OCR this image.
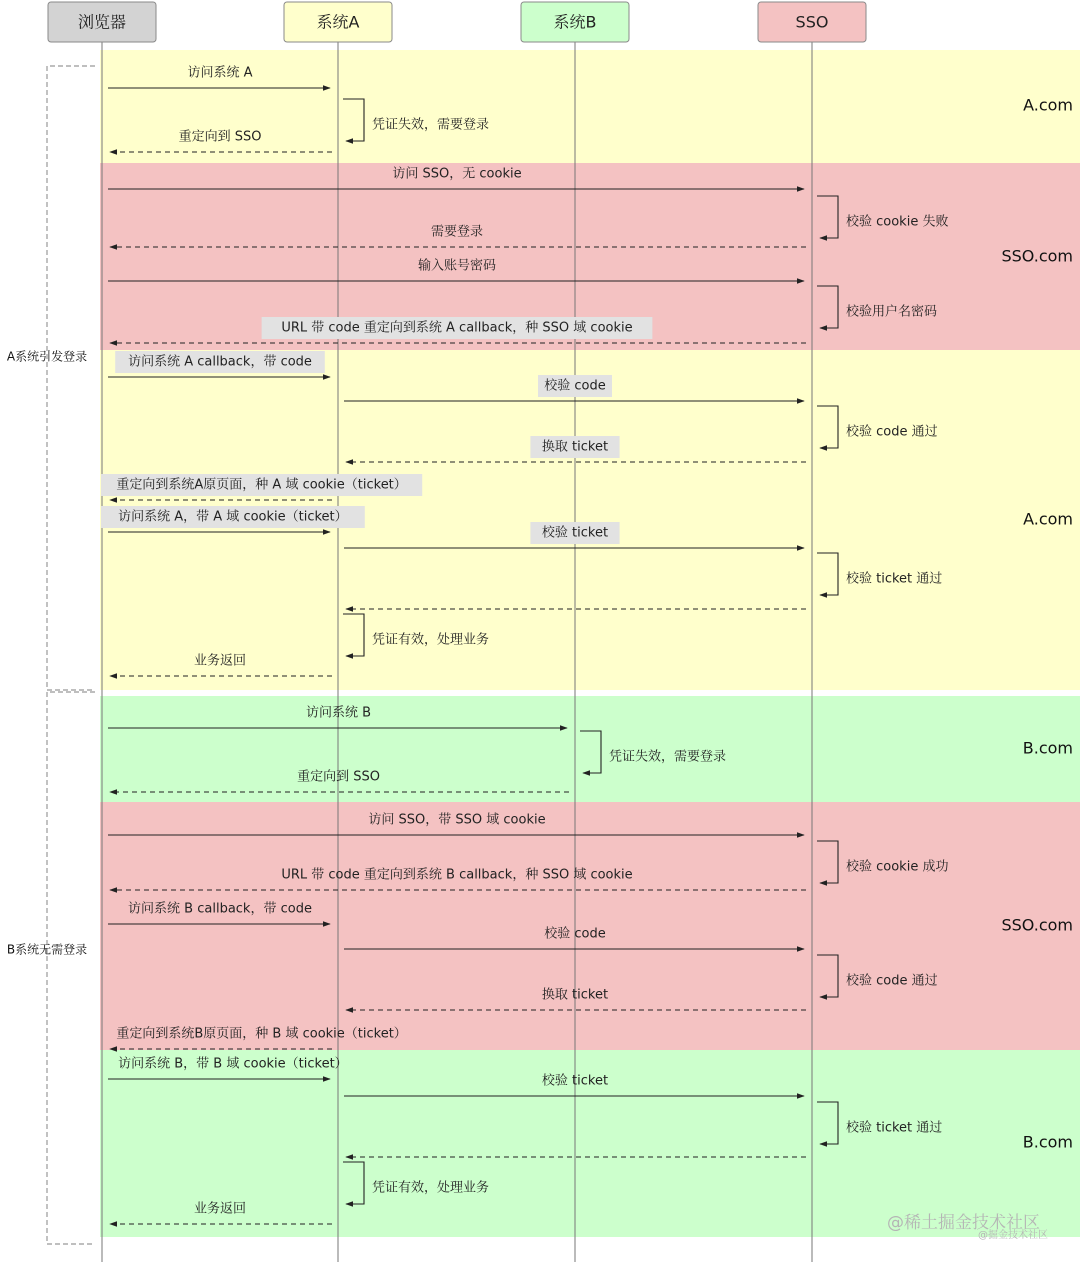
A系统引发登录
B系统无需登录
浏览器	系统A	系统B	SSO
访问系统 A
凭证失效，需要登录
重定向到 SSO
访问 SSO，无 cookie
校验 cookie 失败
需要登录
输入账号密码
校验用户名密码
URL 带 code 重定向到系统 A callback，种 SSO 域 cookie
访问系统 A callback，带 code
校验 code
校验 code 通过
换取 ticket
重定向到系统A原页面，种 A 域 cookie（ticket）
访问系统 A，带 A 域 cookie（ticket）
校验 ticket
校验 ticket 通过
凭证有效，处理业务
业务返回
访问系统 B
凭证失效，需要登录
重定向到 SSO
访问 SSO，带 SSO 域 cookie
校验 cookie 成功
URL 带 code 重定向到系统 B callback，种 SSO 域 cookie
访问系统 B callback，带 code
校验 code
校验 code 通过
换取 ticket
重定向到系统B原页面，种 B 域 cookie（ticket）
访问系统 B，带 B 域 cookie（ticket）
校验 ticket
校验 ticket 通过
凭证有效，处理业务
业务返回
A.com
SSO.com
A.com
B.com
SSO.com
B.com
@稀土掘金技术社区
@掘金技术社区
